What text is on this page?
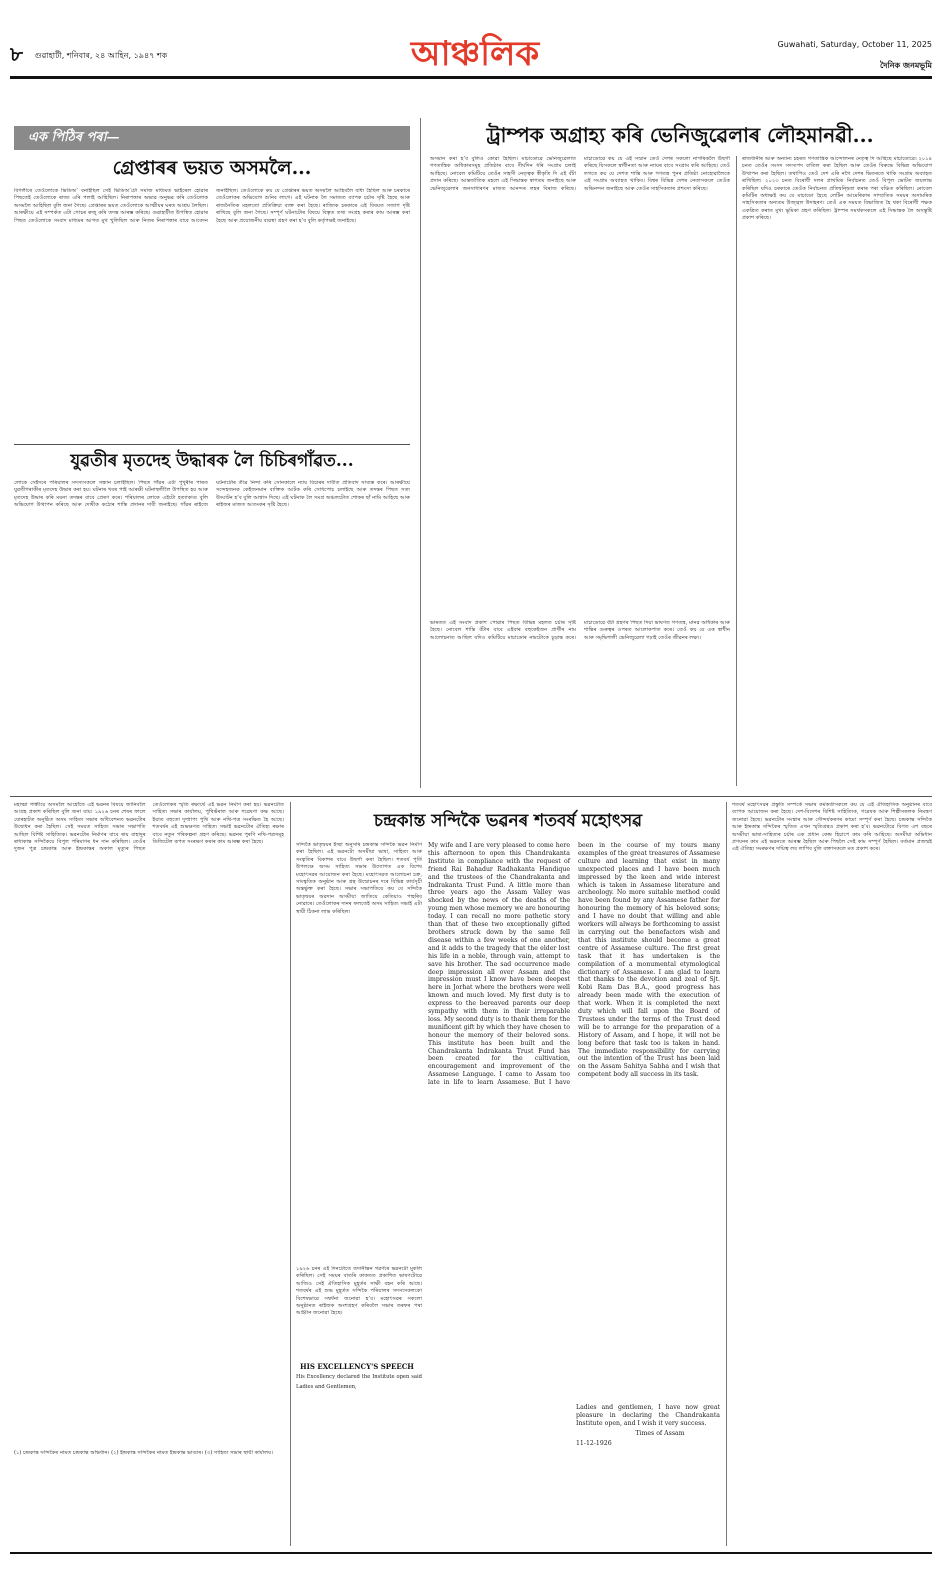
৮ গুৱাহাটী, শনিবাৰ, ২৪ আহিন, ১৯৪৭ শক	আঞ্চলিক	Guwahati, Saturday, October 11, 2025
দৈনিক জনমভূমি
এক পিঠিৰ পৰা—
গ্ৰেপ্তাৰৰ ভয়ত অসমলৈ...
বিগলীৰে তেওঁলোকে ভিডিঅ’ বনাইছিল সেই ভিডিঅ’টো সমাজ মাধ্যমত ভাইৰেল হোৱাৰ পিছতেই তেওঁলোকে ৰাজ্য এৰি পলাই আহিছিল। নিৰাপত্তাৰ অভাৱ অনুভৱ কৰি তেওঁলোক অসমলৈ আহিছিল বুলি জনা গৈছে। গ্ৰেপ্তাৰৰ ভয়ত তেওঁলোকে আত্মীয়ৰ ঘৰত আশ্ৰয় লৈছিল। আৰক্ষীয়ে এই সম্পৰ্কত এটা গোচৰ ৰুজু কৰি তদন্ত আৰম্ভ কৰিছে। গুৱাহাটীত উপস্থিত হোৱাৰ পিছত তেওঁলোকে সংবাদ মাধ্যমৰ আগত মুখ খুলিছিল আৰু নিজৰ নিৰাপত্তাৰ বাবে আবেদন জনাইছিল। তেওঁলোকে কয় যে গ্ৰেপ্তাৰৰ ভয়ত অসমলৈ আহিবলৈ বাধ্য হৈছিল আৰু চৰকাৰে তেওঁলোকৰ অভিযোগ শুনিব লাগে। এই ঘটনাক লৈ সমাজত ব্যাপক চৰ্চাৰ সৃষ্টি হৈছে আৰু ৰাজনৈতিক মহলতো প্ৰতিক্ৰিয়া ব্যক্ত কৰা হৈছে। ৰাজ্যিক চৰকাৰে এই বিষয়ত সজাগ দৃষ্টি ৰাখিছে বুলি জনা গৈছে। সম্পূৰ্ণ ঘটনাটোৰ বিষয়ে বিস্তৃত তথ্য সংগ্ৰহ কৰাৰ কাম আৰম্ভ কৰা হৈছে আৰু প্ৰয়োজনীয় ব্যৱস্থা গ্ৰহণ কৰা হ’ব বুলি কৰ্তৃপক্ষই জনাইছে।
যুৱতীৰ মৃতদেহ উদ্ধাৰক লৈ চিচিৰগাঁৱত...
লোকে সেইদৰে পৰিয়ালৰ সদস্যসকলে সন্ধান চলাইছিল। পিছত গাঁৱৰ এটা পুখুৰীৰ পাৰত যুৱতীগৰাকীৰ মৃতদেহ উদ্ধাৰ কৰা হয়। ঘটনাৰ খবৰ পাই আৰক্ষী ঘটনাস্থলীলৈ উপস্থিত হয় আৰু মৃতদেহ উদ্ধাৰ কৰি ময়না তদন্তৰ বাবে প্ৰেৰণ কৰে। পৰিয়ালৰ লোকে এইটো হত্যাকাণ্ড বুলি অভিযোগ উত্থাপন কৰিছে আৰু দোষীক কঠোৰ শাস্তি প্ৰদানৰ দাবী জনাইছে। গাঁৱৰ ৰাইজে ঘটনাটোৰ তীব্ৰ নিন্দা কৰি সোনকালে ন্যায় বিচাৰৰ দাবীত প্ৰতিবাদ সাব্যস্ত কৰে। আৰক্ষীয়ে সন্দেহজনক কেইজনমান ব্যক্তিক আটক কৰি সোধপোচ চলাইছে আৰু তদন্তৰ পিছত সত্য উদ্ঘাটন হ’ব বুলি আশ্বাস দিছে। এই ঘটনাক লৈ সমগ্ৰ অঞ্চলটোত শোকৰ ছাঁ নামি আহিছে আৰু ৰাইজৰ মাজত আতংকৰ সৃষ্টি হৈছে।
ট্ৰাম্পক অগ্ৰাহ্য কৰি ভেনিজুৱেলাৰ লৌহমানৱী...
অসমান কৰা হ’ব বুলিও কোৱা হৈছিল। মাচাডোৱে ভেনিজুৱেলাত গণতান্ত্ৰিক অধিকাৰসমূহ প্ৰতিষ্ঠাৰ বাবে দীৰ্ঘদিন ধৰি সংগ্ৰাম চলাই আহিছে। নোবেল কমিটিয়ে তেওঁৰ সাহসী নেতৃত্বক স্বীকৃতি দি এই বঁটা প্ৰদান কৰিছে। আন্তৰ্জাতিক মহলে এই সিদ্ধান্তক স্বাগতম জনাইছে আৰু ভেনিজুৱেলাৰ জনসাধাৰণৰ মাজত আনন্দৰ লহৰ বিৰাজ কৰিছে। মাচাডোৱে কয় যে এই সন্মান তেওঁ দেশৰ সকলো নাগৰিকলৈ উছৰ্গা কৰিছে যিসকলে স্বাধীনতা আৰু ন্যায়ৰ বাবে সংগ্ৰাম কৰি আহিছে। তেওঁ লগতে কয় যে দেশত শান্তি আৰু গণতন্ত্ৰ পুনৰ প্ৰতিষ্ঠা নোহোৱালৈকে এই সংগ্ৰাম অব্যাহত থাকিব। বিশ্বৰ বিভিন্ন দেশৰ নেতাসকলে তেওঁক অভিনন্দন জনাইছে আৰু তেওঁৰ সাহসিকতাৰ প্ৰশংসা কৰিছে।
ভাৰতত এই সংবাদ প্ৰকাশ পোৱাৰ পিছত বিভিন্ন মহলত চৰ্চাৰ সৃষ্টি হৈছে। নোবেল শান্তি বঁটাৰ বাবে এইবাৰ বহুকেইজন প্ৰাৰ্থীৰ নাম আলোচনাত আছিল যদিও কমিটিয়ে মাচাডোৰ নামটোকে চূড়ান্ত কৰে। মাচাডোৱে বঁটা গ্ৰহণৰ পিছত দিয়া ভাষণত গণতন্ত্ৰ, মানৱ অধিকাৰ আৰু শান্তিৰ গুৰুত্বৰ ওপৰত আলোকপাত কৰে। তেওঁ কয় যে এক স্বাধীন আৰু সমৃদ্ধিশালী ভেনিজুৱেলা গঢ়াই তেওঁৰ জীৱনৰ লক্ষ্য।
ৰাজধানীৰ আৰু অন্যান্য চহৰত গণতান্ত্ৰিক আন্দোলনৰ নেতৃত্ব দি আহিছে মাচাডোৱে। ২০১৪ চনত তেওঁৰ সংসদ সদস্যপদ বাতিল কৰা হৈছিল আৰু তেওঁৰ বিৰুদ্ধে বিভিন্ন অভিযোগ উত্থাপন কৰা হৈছিল। তথাপিও তেওঁ দেশ এৰি নগৈ দেশৰ ভিতৰতে থাকি সংগ্ৰাম অব্যাহত ৰাখিছিল। ২০২৩ চনত বিৰোধী দলৰ প্ৰাথমিক নিৰ্বাচনত তেওঁ বিপুল ভোটত জয়লাভ কৰিছিল যদিও চৰকাৰে তেওঁক নিৰ্বাচনত প্ৰতিদ্বন্দ্বিতা কৰাৰ পৰা বঞ্চিত কৰিছিল। নোবেল কমিটিৰ অধ্যক্ষই কয় যে মাচাডো হৈছে লেটিন আমেৰিকাৰ সাম্প্ৰতিক সময়ৰ অসামৰিক সাহসিকতাৰ অন্যতম উজ্জ্বল উদাহৰণ। তেওঁ এক সময়ত বিভাজিত হৈ থকা বিৰোধী পক্ষক একত্ৰিত কৰাত মুখ্য ভূমিকা গ্ৰহণ কৰিছিল। ট্ৰাম্পৰ সমৰ্থকসকলে এই সিদ্ধান্তক লৈ অসন্তুষ্টি প্ৰকাশ কৰিছে।
মহাত্মা গান্ধীয়ে অসমলৈ আহোঁতে এই ভৱনৰ বিষয়ে জানিবলৈ আগ্ৰহ প্ৰকাশ কৰিছিল বুলি জনা যায়। ১৯২৬ চনৰ শেষৰ ফালে যোৰহাটত অনুষ্ঠিত অসম সাহিত্য সভাৰ অধিবেশনত ভৱনটোৰ উদ্বোধন কৰা হৈছিল। সেই সময়ত সাহিত্য সভাৰ সভাপতি আছিল বিশিষ্ট সাহিত্যিক। ভৱনটোৰ নিৰ্মাণৰ বাবে ৰায় বাহাদুৰ ৰাধাকান্ত সন্দিকৈয়ে বিপুল পৰিমাণৰ ধন দান কৰিছিল। তেওঁৰ দুজন পুত্ৰ চন্দ্ৰকান্ত আৰু ইন্দ্ৰকান্তৰ অকাল মৃত্যুৰ পিছত তেওঁলোকৰ স্মৃতি ৰক্ষাৰ্থে এই ভৱন নিৰ্মাণ কৰা হয়। ভৱনটোত সাহিত্য সভাৰ কাৰ্যালয়, পুথিভঁৰাল আৰু গৱেষণা কক্ষ আছে। ইয়াত বহুতো দুষ্প্ৰাপ্য পুথি আৰু নথি-পত্ৰ সংৰক্ষিত হৈ আছে। শতবৰ্ষৰ এই শুভক্ষণত সাহিত্য সভাই ভৱনটোৰ ঐতিহ্য ৰক্ষাৰ বাবে নতুন পৰিকল্পনা গ্ৰহণ কৰিছে। ভৱনৰ পুৰণি নথি-পত্ৰসমূহ ডিজিটেল ৰূপত সংৰক্ষণ কৰাৰ কাম আৰম্ভ কৰা হৈছে।
(১) চন্দ্ৰকান্ত সন্দিকৈৰ নামত চন্দ্ৰকান্ত অভিধান। (২) ইন্দ্ৰকান্ত সন্দিকৈৰ নামত ইন্দ্ৰকান্ত ভাণ্ডাৰ। (৩) সাহিত্য সভাৰ স্থায়ী কাৰ্যালয়।
চন্দ্ৰকান্ত সন্দিকৈ ভৱনৰ শতবৰ্ষ মহোৎসৱ
সন্দিকৈ ভাতৃদ্বয়ৰ ইচ্ছা অনুসৰি চন্দ্ৰকান্ত সন্দিকৈ ভৱন নিৰ্মাণ কৰা হৈছিল। এই ভৱনটো অসমীয়া ভাষা, সাহিত্য আৰু সংস্কৃতিৰ বিকাশৰ বাবে উছৰ্গা কৰা হৈছিল। শতবৰ্ষ পূৰ্তি উপলক্ষে অসম সাহিত্য সভাৰ উদ্যোগত এক বিশেষ মহোৎসৱৰ আয়োজন কৰা হৈছে। মহোৎসৱত আলোচনা চক্ৰ, সাংস্কৃতিক অনুষ্ঠান আৰু গ্ৰন্থ উন্মোচনৰ দৰে বিভিন্ন কাৰ্যসূচী অন্তৰ্ভুক্ত কৰা হৈছে। সভাৰ সভাপতিয়ে কয় যে সন্দিকৈ ভাতৃদ্বয়ৰ অৱদান অসমীয়া জাতিয়ে কেতিয়াও পাহৰিব নোৱাৰে। তেওঁলোকৰ দানৰ ফলতেই অসম সাহিত্য সভাই এটা স্থায়ী ঠিকনা লাভ কৰিছিল।
১৯২৬ চনৰ এই দিনটোতে তদানীন্তন গৱৰ্ণৰে ভৱনটো মুকলি কৰিছিল। সেই সময়ৰ বাতৰি কাকতত প্ৰকাশিত ভাষণটোৱে আজিও সেই ঐতিহাসিক মুহূৰ্তৰ সাক্ষী বহন কৰি আছে। শতবৰ্ষৰ এই শুভ মুহূৰ্তত সন্দিকৈ পৰিয়ালৰ সদস্যসকলকো বিশেষভাৱে সম্বৰ্ধনা জনোৱা হ’ব। মহোৎসৱৰ সকলো অনুষ্ঠানত ৰাইজক অংশগ্ৰহণ কৰিবলৈ সভাৰ তৰফৰ পৰা আহ্বান জনোৱা হৈছে।
HIS EXCELLENCY'S SPEECH
His Excellency declared the Institute open said
Ladies and Gentlemen,
My wife and I are very pleased to come here this afternoon to open this Chandrakanta Institute in compliance with the request of friend Rai Bahadur Radhakanta Handique and the trustees of the Chandrakanta and Indrakanta Trust Fund. A little more than three years ago the Assam Valley was shocked by the news of the deaths of the young men whose memory we are honouring today. I can recall no more pathetic story than that of these two exceptionally gifted brothers struck down by the same fell disease within a few weeks of one another, and it adds to the tragedy that the elder lost his life in a noble, through vain, attempt to save his brother. The sad occurrence made deep impression all over Assam and the impression must I know have been deepest here in Jorhat where the brothers were well known and much loved. My first duty is to express to the bereaved parents our deep sympathy with them in their irreparable loss. My second duty is to thank them for the munificent gift by which they have chosen to honour the memory of their beloved sons. This institute has been built and the Chandrakanta Indrakanta Trust Fund has been created for the cultivation, encouragement and improvement of the Assamese Language. I came to Assam too late in life to learn Assamese. But I have been in the course of my tours many examples of the great treasures of Assamese culture and learning that exist in many unexpected places and I have been much impressed by the keen and wide interest which is taken in Assamese literature and archeology. No more suitable method could have been found by any Assamese father for honouring the memory of his beloved sons; and I have no doubt that willing and able workers will always be forthcoming to assist in carrying out the benefactors wish and that this institute should become a great centre of Assamese culture. The first great task that it has undertaken is the compilation of a monumental etymological dictionary of Assamese. I am glad to learn that thanks to the devotion and zeal of Sjt. Kobi Ram Das B.A., good progress has already been made with the execution of that work. When it is completed the next duty which will fall upon the Board of Trustees under the terms of the Trust deed will be to arrange for the preparation of a History of Assam, and I hope, it will not be long before that task too is taken in hand. The immediate responsibility for carrying out the intention of the Trust has been laid on the Assam Sahitya Sabha and I wish that competent body all success in its task.
Ladies and gentlemen, I have now great pleasure in declaring the Chandrakanta Institute open, and I wish it very success.
Times of Assam
11-12-1926
শতবৰ্ষ মহোৎসৱৰ প্ৰস্তুতি সম্পৰ্কে সভাৰ কৰ্মকৰ্তাসকলে কয় যে এই ঐতিহাসিক অনুষ্ঠানৰ বাবে ব্যাপক আয়োজন কৰা হৈছে। দেশ-বিদেশৰ বিশিষ্ট সাহিত্যিক, গৱেষক আৰু শিল্পীসকলক নিমন্ত্ৰণ জনোৱা হৈছে। ভৱনটোৰ সংস্কাৰ আৰু সৌন্দৰ্যকৰণৰ কামো সম্পূৰ্ণ কৰা হৈছে। চন্দ্ৰকান্ত সন্দিকৈ আৰু ইন্দ্ৰকান্ত সন্দিকৈৰ স্মৃতিত এখন স্মৃতিগ্ৰন্থও প্ৰকাশ কৰা হ’ব। ভৱনটোৱে বিগত এশ বছৰে অসমীয়া ভাষা-সাহিত্যৰ চৰ্চাৰ এক প্ৰধান কেন্দ্ৰ হিচাপে কাম কৰি আহিছে। অসমীয়া অভিধান প্ৰণয়নৰ কাম এই ভৱনতে আৰম্ভ হৈছিল আৰু পিছলৈ সেই কাম সম্পূৰ্ণ হৈছিল। বৰ্তমান প্ৰজন্মই এই ঐতিহ্য সংৰক্ষণৰ দায়িত্ব লব লাগিব বুলি বক্তাসকলে মত প্ৰকাশ কৰে।
